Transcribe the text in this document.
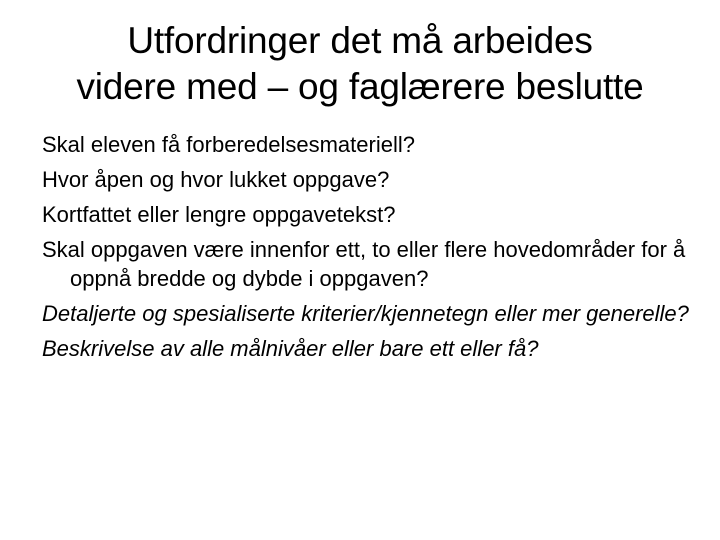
Utfordringer det må arbeides
videre med – og faglærere beslutte

Skal eleven få forberedelsesmateriell?

Hvor åpen og hvor lukket oppgave?

Kortfattet eller lengre oppgavetekst?

Skal oppgaven være innenfor ett, to eller flere hovedområder for å oppnå bredde og dybde i oppgaven?

Detaljerte og spesialiserte kriterier/kjennetegn eller mer generelle?

Beskrivelse av alle målnivåer eller bare ett eller få?
